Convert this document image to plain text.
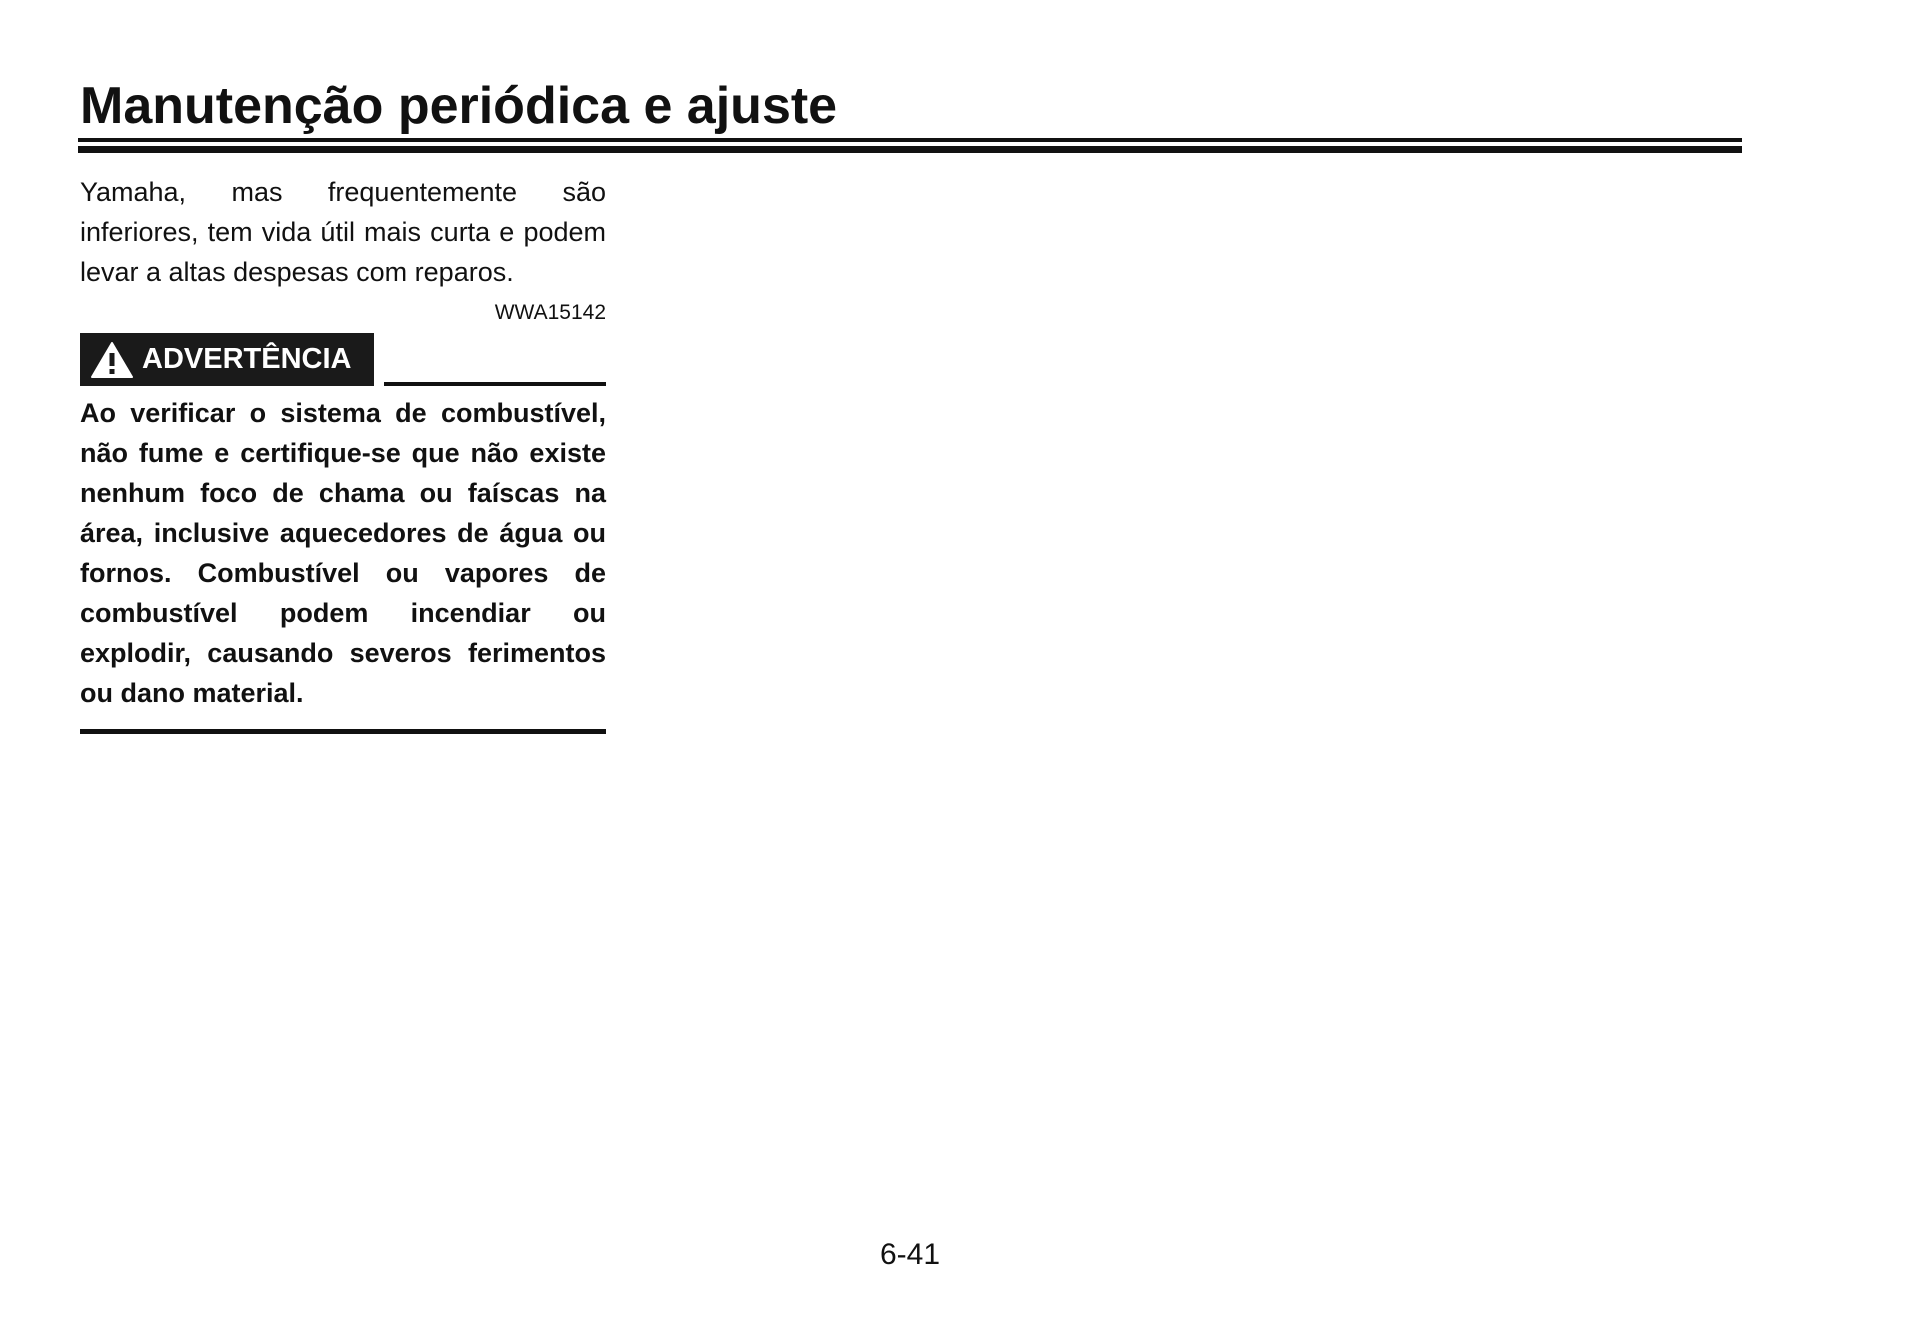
Manutenção periódica e ajuste

Yamaha, mas frequentemente são inferiores, tem vida útil mais curta e podem levar a altas despesas com reparos.

WWA15142
ADVERTÊNCIA

Ao verificar o sistema de combustível, não fume e certifique-se que não existe nenhum foco de chama ou faíscas na área, inclusive aquecedores de água ou fornos. Combustível ou vapores de combustível podem incendiar ou explodir, causando severos ferimentos ou dano material.

6-41
